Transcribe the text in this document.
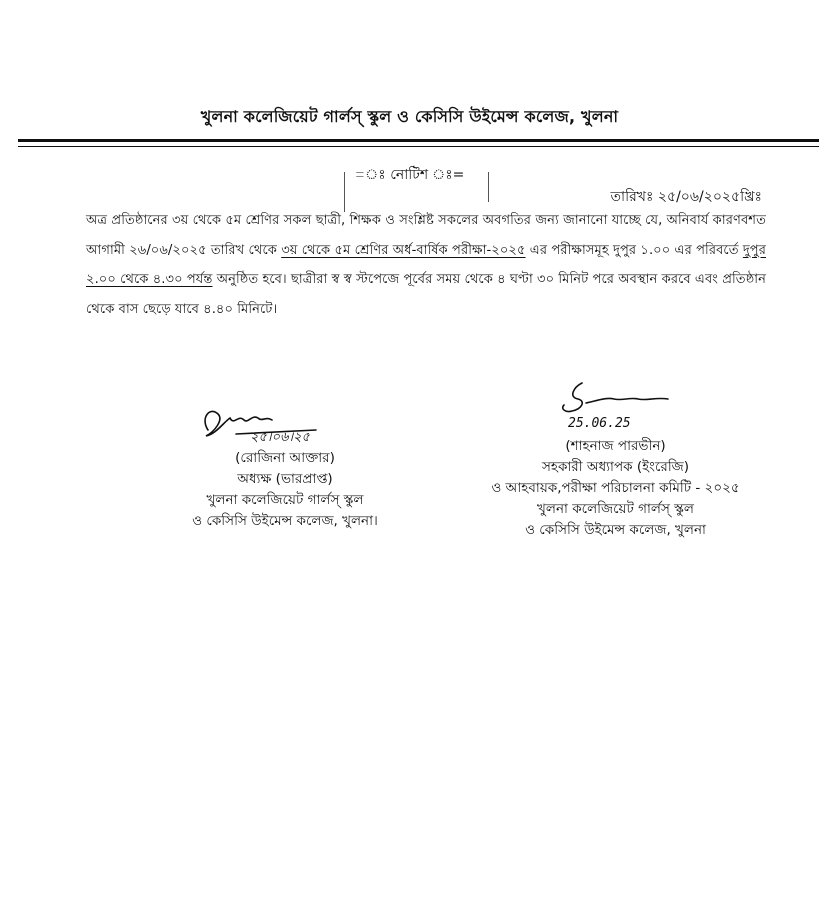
খুলনা কলেজিয়েট গার্লস্‌ স্কুল ও কেসিসি উইমেন্স কলেজ, খুলনা
=ঃ নোটিশ ঃ=
তারিখঃ ২৫/০৬/২০২৫খ্রিঃ
অত্র প্রতিষ্ঠানের ৩য় থেকে ৫ম শ্রেণির সকল ছাত্রী, শিক্ষক ও সংশ্লিষ্ট সকলের অবগতির জন্য জানানো যাচ্ছে যে, অনিবার্য কারণবশত আগামী ২৬/০৬/২০২৫ তারিখ থেকে ৩য় থেকে ৫ম শ্রেণির অর্ধ-বার্ষিক পরীক্ষা-২০২৫ এর পরীক্ষাসমূহ দুপুর ১.০০ এর পরিবর্তে দুপুর ২.০০ থেকে ৪.৩০ পর্যন্ত অনুষ্ঠিত হবে। ছাত্রীরা স্ব স্ব স্টপেজে পূর্বের সময় থেকে ৪ ঘণ্টা ৩০ মিনিট পরে অবস্থান করবে এবং প্রতিষ্ঠান থেকে বাস ছেড়ে যাবে ৪.৪০ মিনিটে।
২৫।০৬।২৫
(রোজিনা আক্তার)
অধ্যক্ষ (ভারপ্রাপ্ত)
খুলনা কলেজিয়েট গার্লস্‌ স্কুল
ও কেসিসি উইমেন্স কলেজ, খুলনা।
25.06.25
(শাহনাজ পারভীন)
সহকারী অধ্যাপক (ইংরেজি)
ও আহবায়ক,পরীক্ষা পরিচালনা কমিটি - ২০২৫
খুলনা কলেজিয়েট গার্লস্‌ স্কুল
ও কেসিসি উইমেন্স কলেজ, খুলনা
